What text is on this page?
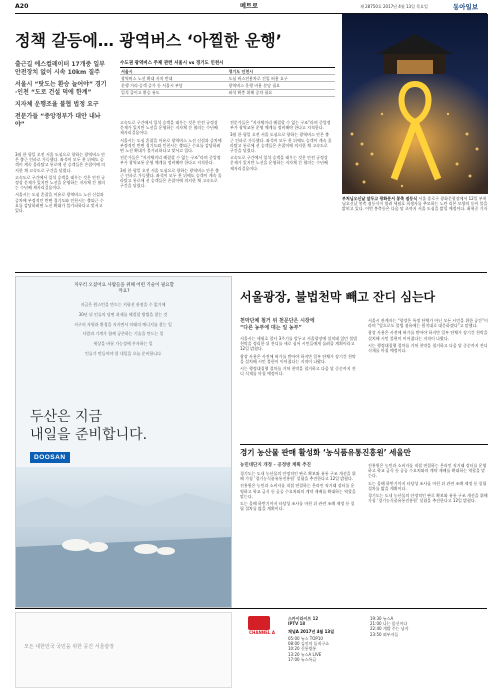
A20	메트로	제 28750호 2017년 4월 13일 목요일	동아일보
정책 갈등에… 광역버스 ‘아찔한 운행’
출근길 에스컬레이터 17개중 일부 안전장치 없이 시속 10km 질주
서울시 “탓도는 환승 늘어야” 경기·인천 “도로 건설 덕에 한계”
지자체 운행조율 불협 법정 요구
전문가들 “중앙정부가 대안 내놔야”

3월 한 평일 오전 서울 도심으로 향하는 광역버스 안은 출근 인파로 가득했다. 좌석이 모두 찬 뒤에도 승객이 계속 올라탔고 통로에 선 승객들은 손잡이에 의지한 채 고속도로 구간을 달렸다.

고속도로 구간에서 입석 승객을 태우는 것은 안전 규정상 문제가 있지만 노선을 운영하는 지자체 간 협의는 수년째 제자리걸음이다.

서울시는 도심 혼잡을 이유로 광역버스 노선 신설과 증차에 부정적인 반면 경기도와 인천시는 출퇴근 수요를 감당하려면 노선 확대가 불가피하다고 맞서고 있다.

수도권 광역버스 주제 관련 서울시 vs 경기도 인천시
서울시	경기도 인천시
광역버스 노선 확대 자치 반대	도심 버스전용차로 진입 허용 요구
운행 거리·승객 증가 등 서울시 부담	광역버스 운행 비용 분담 필요
입석 줄이고 환승 유도	좌석 확충 위해 증차 필요

고속도로 구간에서 입석 승객을 태우는 것은 안전 규정상 문제가 있지만 노선을 운영하는 지자체 간 협의는 수년째 제자리걸음이다.

서울시는 도심 혼잡을 이유로 광역버스 노선 신설과 증차에 부정적인 반면 경기도와 인천시는 출퇴근 수요를 감당하려면 노선 확대가 불가피하다고 맞서고 있다.

전문가들은 “지자체끼리 해결할 수 없는 구조”라며 중앙정부가 광역교통 운영 체계를 정비해야 한다고 지적한다.

3월 한 평일 오전 서울 도심으로 향하는 광역버스 안은 출근 인파로 가득했다. 좌석이 모두 찬 뒤에도 승객이 계속 올라탔고 통로에 선 승객들은 손잡이에 의지한 채 고속도로 구간을 달렸다.

전문가들은 “지자체끼리 해결할 수 없는 구조”라며 중앙정부가 광역교통 운영 체계를 정비해야 한다고 지적한다.

3월 한 평일 오전 서울 도심으로 향하는 광역버스 안은 출근 인파로 가득했다. 좌석이 모두 찬 뒤에도 승객이 계속 올라탔고 통로에 선 승객들은 손잡이에 의지한 채 고속도로 구간을 달렸다.

고속도로 구간에서 입석 승객을 태우는 것은 안전 규정상 문제가 있지만 노선을 운영하는 지자체 간 협의는 수년째 제자리걸음이다.

부처님오신날 앞두고 광화문서 봉축 점등식 서울 종로구 광화문광장에서 12일 부처님오신날 봉축 점등식이 열려 세월호 희생자를 추모하는 노란 리본 모양의 등이 불을 밝히고 있다. 이번 봉축등은 다음 달 초까지 서울 도심을 밝힐 예정이다. 최혁중 기자
지우러 오셨어요 사람들을 위해 어떤 기술이 필요할까요?
지금은 원스턴을 만드는 지평선 관점을 수 없기에
30년 뒤 인류의 당면 과제를 해결할 방법을 찾는 것
지구의 자원과 환경을 지키면서 미래의 에너지를 찾는 일
사람과 기계가 함께 공존하는 기술을 만드는 일
세상을 바꿀 가능성에 투자하는 일
인류가 만들어야 할 내일을 오늘 준비합니다
두산은 지금
내일을 준비합니다.
DOOSAN
서울광장, 불법천막 빼고 잔디 심는다
천막단체 철거 뒤 천문단은 시장에
“다른 농부에 대는 일 농부”

서울시는 세월호 참사 3주기를 앞두고 서울광장에 설치돼 있던 불법 천막을 정리한 뒤 잔디를 새로 심어 시민들에게 돌려줄 계획이라고 12일 밝혔다.

광장 사용은 사전에 허가를 받아야 하지만 일부 단체가 장기간 천막을 설치해 시민 불편이 이어졌다는 지적이 나왔다.

시는 행정대집행 절차를 거쳐 천막을 철거하고 다음 달 중순까지 잔디 식재를 마칠 예정이다.

서울시 관계자는 “광장은 특정 단체가 아닌 모든 시민을 위한 공간”이라며 “앞으로도 불법 점유에는 원칙대로 대응하겠다”고 말했다.

광장 사용은 사전에 허가를 받아야 하지만 일부 단체가 장기간 천막을 설치해 시민 불편이 이어졌다는 지적이 나왔다.

시는 행정대집행 절차를 거쳐 천막을 철거하고 다음 달 중순까지 잔디 식재를 마칠 예정이다.

경기 농산물 판매 활성화 ‘농식품유통진흥원’ 세울만
농민대단지 개정 – 공정방 계획 추진

경기도는 도내 농산물의 안정적인 판로 확보와 유통 구조 개선을 위해 가칭 ‘경기농식품유통진흥원’ 설립을 추진한다고 12일 밝혔다.

진흥원은 농민과 소비자를 직접 연결하는 온라인 직거래 장터를 운영하고 학교 급식 등 공공 수요처와의 계약 재배를 확대하는 역할을 맡는다.

도는 올해 하반기까지 타당성 조사를 마친 뒤 관련 조례 제정 등 설립 절차를 밟을 계획이다.

진흥원은 농민과 소비자를 직접 연결하는 온라인 직거래 장터를 운영하고 학교 급식 등 공공 수요처와의 계약 재배를 확대하는 역할을 맡는다.

도는 올해 하반기까지 타당성 조사를 마친 뒤 관련 조례 제정 등 설립 절차를 밟을 계획이다.

경기도는 도내 농산물의 안정적인 판로 확보와 유통 구조 개선을 위해 가칭 ‘경기농식품유통진흥원’ 설립을 추진한다고 12일 밝혔다.

모든 대한민국 국민을 위한 공간 서울광장
CHANNEL A
스카이라이프 12
IPTV 18
채널A 2017년 4월 13일
05:00 뉴스 TOP10
08:00 김진의 돌직구쇼
10:20 신통방통
13:20 뉴스A LIVE
17:00 뉴스특급
19:30 뉴스A
21:00 나는 몸신이다
22:40 개밥 주는 남자
23:50 외부자들
